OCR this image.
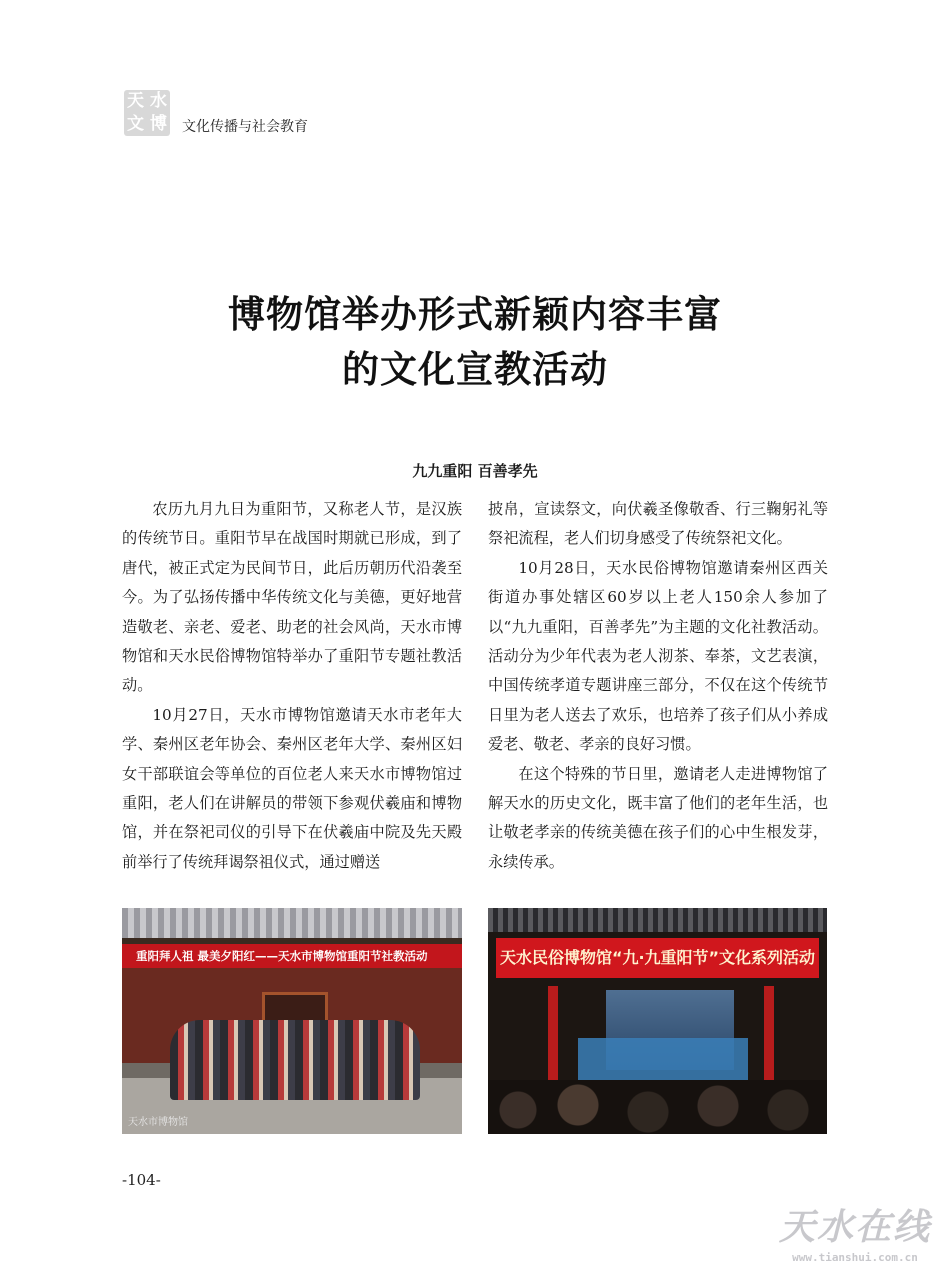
天 水
文 博 文化传播与社会教育
博物馆举办形式新颖内容丰富
的文化宣教活动
九九重阳 百善孝先

农历九月九日为重阳节，又称老人节，是汉族的传统节日。重阳节早在战国时期就已形成，到了唐代，被正式定为民间节日，此后历朝历代沿袭至今。为了弘扬传播中华传统文化与美德，更好地营造敬老、亲老、爱老、助老的社会风尚，天水市博物馆和天水民俗博物馆特举办了重阳节专题社教活动。

10月27日，天水市博物馆邀请天水市老年大学、秦州区老年协会、秦州区老年大学、秦州区妇女干部联谊会等单位的百位老人来天水市博物馆过重阳，老人们在讲解员的带领下参观伏羲庙和博物馆，并在祭祀司仪的引导下在伏羲庙中院及先天殿前举行了传统拜谒祭祖仪式，通过赠送

披帛，宣读祭文，向伏羲圣像敬香、行三鞠躬礼等祭祀流程，老人们切身感受了传统祭祀文化。

10月28日，天水民俗博物馆邀请秦州区西关街道办事处辖区60岁以上老人150余人参加了以“九九重阳，百善孝先”为主题的文化社教活动。活动分为少年代表为老人沏茶、奉茶，文艺表演，中国传统孝道专题讲座三部分，不仅在这个传统节日里为老人送去了欢乐，也培养了孩子们从小养成爱老、敬老、孝亲的良好习惯。

在这个特殊的节日里，邀请老人走进博物馆了解天水的历史文化，既丰富了他们的老年生活，也让敬老孝亲的传统美德在孩子们的心中生根发芽，永续传承。

重阳拜人祖 最美夕阳红——天水市博物馆重阳节社教活动
天水市博物馆
天水民俗博物馆“九·九重阳节”文化系列活动
-104-
天水在线
www.tianshui.com.cn
